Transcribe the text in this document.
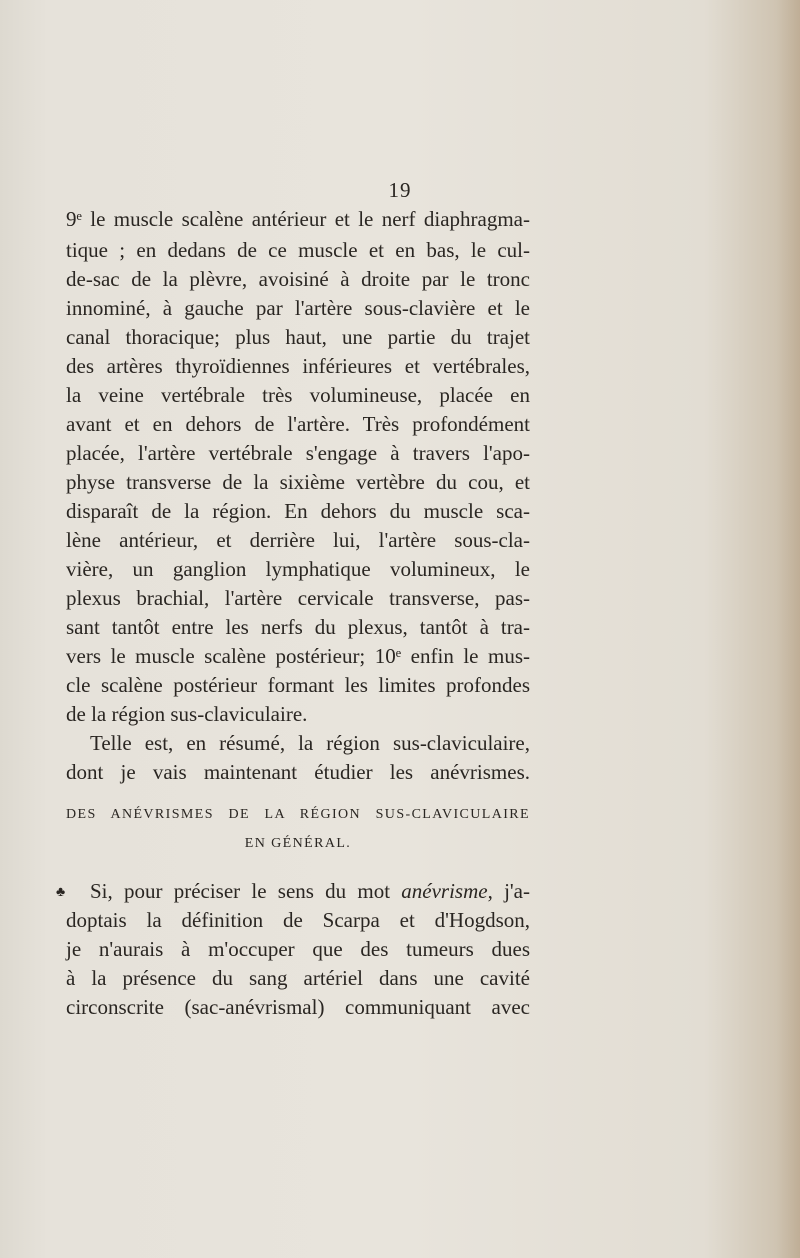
19
9ᵉ le muscle scalène antérieur et le nerf diaphragma-
tique ; en dedans de ce muscle et en bas, le cul-
de-sac de la plèvre, avoisiné à droite par le tronc
innominé, à gauche par l'artère sous-clavière et le
canal thoracique; plus haut, une partie du trajet
des artères thyroïdiennes inférieures et vertébrales,
la veine vertébrale très volumineuse, placée en
avant et en dehors de l'artère. Très profondément
placée, l'artère vertébrale s'engage à travers l'apo-
physe transverse de la sixième vertèbre du cou, et
disparaît de la région. En dehors du muscle sca-
lène antérieur, et derrière lui, l'artère sous-cla-
vière, un ganglion lymphatique volumineux, le
plexus brachial, l'artère cervicale transverse, pas-
sant tantôt entre les nerfs du plexus, tantôt à tra-
vers le muscle scalène postérieur; 10ᵉ enfin le mus-
cle scalène postérieur formant les limites profondes
de la région sus-claviculaire.
Telle est, en résumé, la région sus-claviculaire,
dont je vais maintenant étudier les anévrismes.
DES ANÉVRISMES DE LA RÉGION SUS-CLAVICULAIRE
EN GÉNÉRAL.
♣ Si, pour préciser le sens du mot anévrisme, j'a-
doptais la définition de Scarpa et d'Hogdson,
je n'aurais à m'occuper que des tumeurs dues
à la présence du sang artériel dans une cavité
circonscrite (sac-anévrismal) communiquant avec
